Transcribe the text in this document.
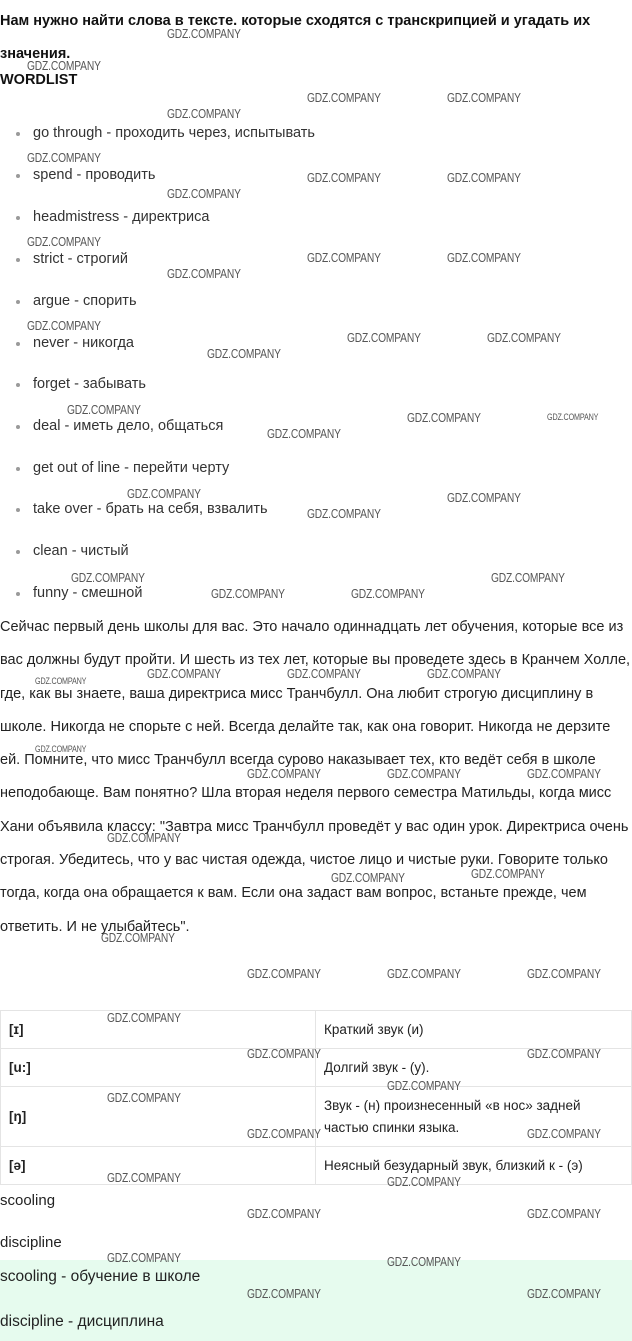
Нам нужно найти слова в тексте. которые сходятся с транскрипцией и угадать их значения.
WORDLIST
go through - проходить через, испытывать
spend - проводить
headmistress - директриса
strict - строгий
argue - спорить
never - никогда
forget - забывать
deal - иметь дело, общаться
get out of line - перейти черту
take over - брать на себя, взвалить
clean - чистый
funny - смешной

Сейчас первый день школы для вас. Это начало одиннадцать лет обучения, которые все из вас должны будут пройти. И шесть из тех лет, которые вы проведете здесь в Кранчем Холле, где, как вы знаете, ваша директриса мисс Транчбулл. Она любит строгую дисциплину в школе. Никогда не спорьте с ней. Всегда делайте так, как она говорит. Никогда не дерзите ей. Помните, что мисс Транчбулл всегда сурово наказывает тех, кто ведёт себя в школе неподобающе. Вам понятно? Шла вторая неделя первого семестра Матильды, когда мисс Хани объявила классу: "Завтра мисс Транчбулл проведёт у вас один урок. Директриса очень строгая. Убедитесь, что у вас чистая одежда, чистое лицо и чистые руки. Говорите только тогда, когда она обращается к вам. Если она задаст вам вопрос, встаньте прежде, чем ответить. И не улыбайтесь".

[ɪ]	Краткий звук (и)
[u:]	Долгий звук - (у).
[ŋ]	Звук - (н) произнесенный «в нос» задней частью спинки языка.
[ə]	Неясный безударный звук, близкий к - (э)
scooling
discipline
scooling - обучение в школе
discipline - дисциплина
GDZ.COMPANY
GDZ.COMPANY
GDZ.COMPANY	GDZ.COMPANY
GDZ.COMPANY
GDZ.COMPANY
GDZ.COMPANY	GDZ.COMPANY
GDZ.COMPANY
GDZ.COMPANY
GDZ.COMPANY	GDZ.COMPANY
GDZ.COMPANY
GDZ.COMPANY
GDZ.COMPANY	GDZ.COMPANY
GDZ.COMPANY
GDZ.COMPANY
GDZ.COMPANY	GDZ.COMPANY
GDZ.COMPANY
GDZ.COMPANY	GDZ.COMPANY
GDZ.COMPANY
GDZ.COMPANY	GDZ.COMPANY
GDZ.COMPANY	GDZ.COMPANY
GDZ.COMPANY	GDZ.COMPANY	GDZ.COMPANY	GDZ.COMPANY
GDZ.COMPANY
GDZ.COMPANY	GDZ.COMPANY	GDZ.COMPANY
GDZ.COMPANY
GDZ.COMPANY	GDZ.COMPANY
GDZ.COMPANY
GDZ.COMPANY	GDZ.COMPANY	GDZ.COMPANY
GDZ.COMPANY
GDZ.COMPANY	GDZ.COMPANY
GDZ.COMPANY
GDZ.COMPANY
GDZ.COMPANY	GDZ.COMPANY
GDZ.COMPANY	GDZ.COMPANY
GDZ.COMPANY	GDZ.COMPANY
GDZ.COMPANY	GDZ.COMPANY
GDZ.COMPANY	GDZ.COMPANY
